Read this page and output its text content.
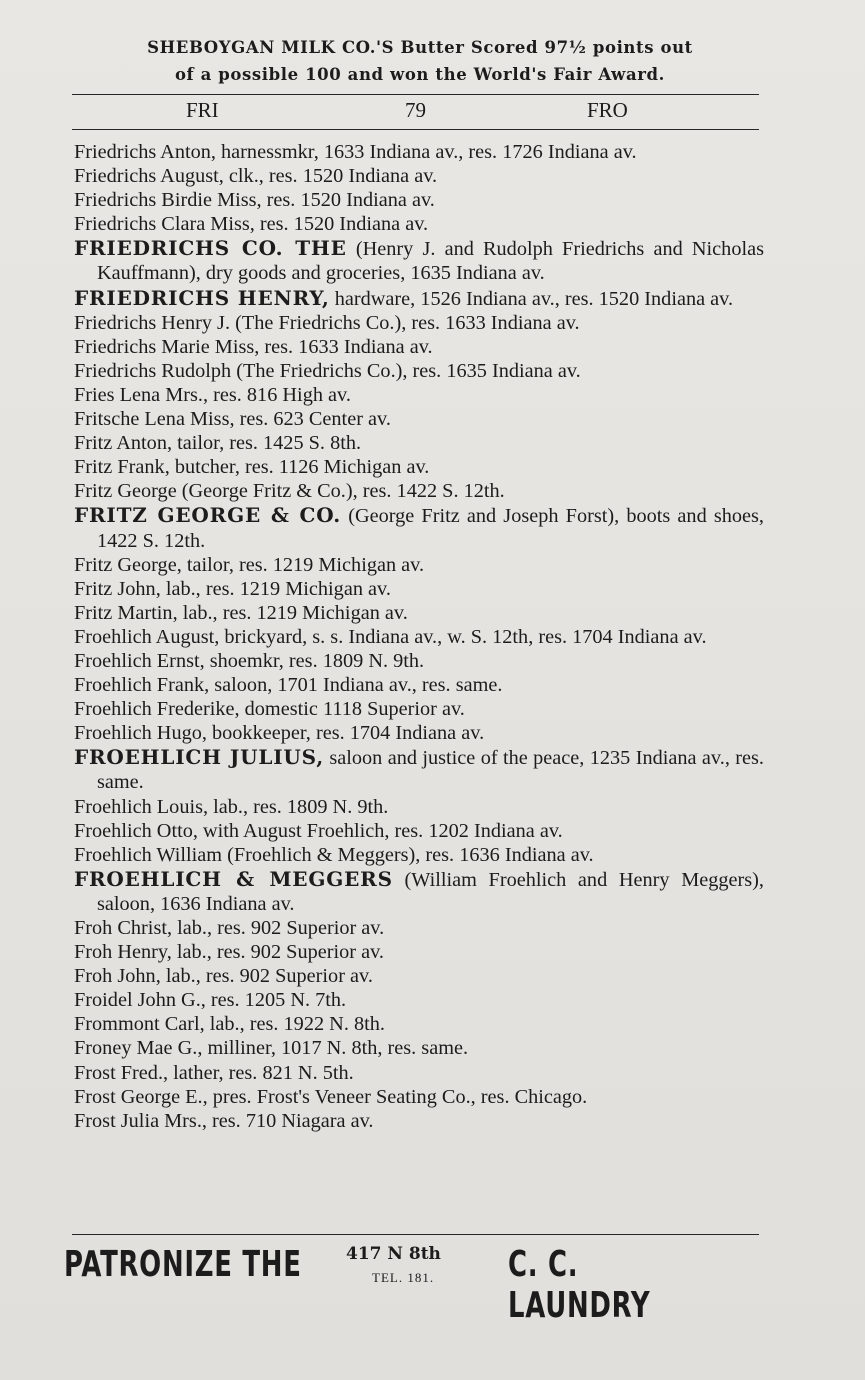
SHEBOYGAN MILK CO.'S Butter Scored 97½ points out
of a possible 100 and won the World's Fair Award.
FRI	79	FRO
Friedrichs Anton, harnessmkr, 1633 Indiana av., res. 1726 Indiana av.
Friedrichs August, clk., res. 1520 Indiana av.
Friedrichs Birdie Miss, res. 1520 Indiana av.
Friedrichs Clara Miss, res. 1520 Indiana av.
FRIEDRICHS CO. THE (Henry J. and Rudolph Friedrichs and Nicholas Kauffmann), dry goods and groceries, 1635 Indiana av.
FRIEDRICHS HENRY, hardware, 1526 Indiana av., res. 1520 Indiana av.
Friedrichs Henry J. (The Friedrichs Co.), res. 1633 Indiana av.
Friedrichs Marie Miss, res. 1633 Indiana av.
Friedrichs Rudolph (The Friedrichs Co.), res. 1635 Indiana av.
Fries Lena Mrs., res. 816 High av.
Fritsche Lena Miss, res. 623 Center av.
Fritz Anton, tailor, res. 1425 S. 8th.
Fritz Frank, butcher, res. 1126 Michigan av.
Fritz George (George Fritz & Co.), res. 1422 S. 12th.
FRITZ GEORGE & CO. (George Fritz and Joseph Forst), boots and shoes, 1422 S. 12th.
Fritz George, tailor, res. 1219 Michigan av.
Fritz John, lab., res. 1219 Michigan av.
Fritz Martin, lab., res. 1219 Michigan av.
Froehlich August, brickyard, s. s. Indiana av., w. S. 12th, res. 1704 Indiana av.
Froehlich Ernst, shoemkr, res. 1809 N. 9th.
Froehlich Frank, saloon, 1701 Indiana av., res. same.
Froehlich Frederike, domestic 1118 Superior av.
Froehlich Hugo, bookkeeper, res. 1704 Indiana av.
FROEHLICH JULIUS, saloon and justice of the peace, 1235 Indiana av., res. same.
Froehlich Louis, lab., res. 1809 N. 9th.
Froehlich Otto, with August Froehlich, res. 1202 Indiana av.
Froehlich William (Froehlich & Meggers), res. 1636 Indiana av.
FROEHLICH & MEGGERS (William Froehlich and Henry Meggers), saloon, 1636 Indiana av.
Froh Christ, lab., res. 902 Superior av.
Froh Henry, lab., res. 902 Superior av.
Froh John, lab., res. 902 Superior av.
Froidel John G., res. 1205 N. 7th.
Frommont Carl, lab., res. 1922 N. 8th.
Froney Mae G., milliner, 1017 N. 8th, res. same.
Frost Fred., lather, res. 821 N. 5th.
Frost George E., pres. Frost's Veneer Seating Co., res. Chicago.
Frost Julia Mrs., res. 710 Niagara av.
PATRONIZE THE	417 N 8th
TEL. 181. C. C. LAUNDRY
